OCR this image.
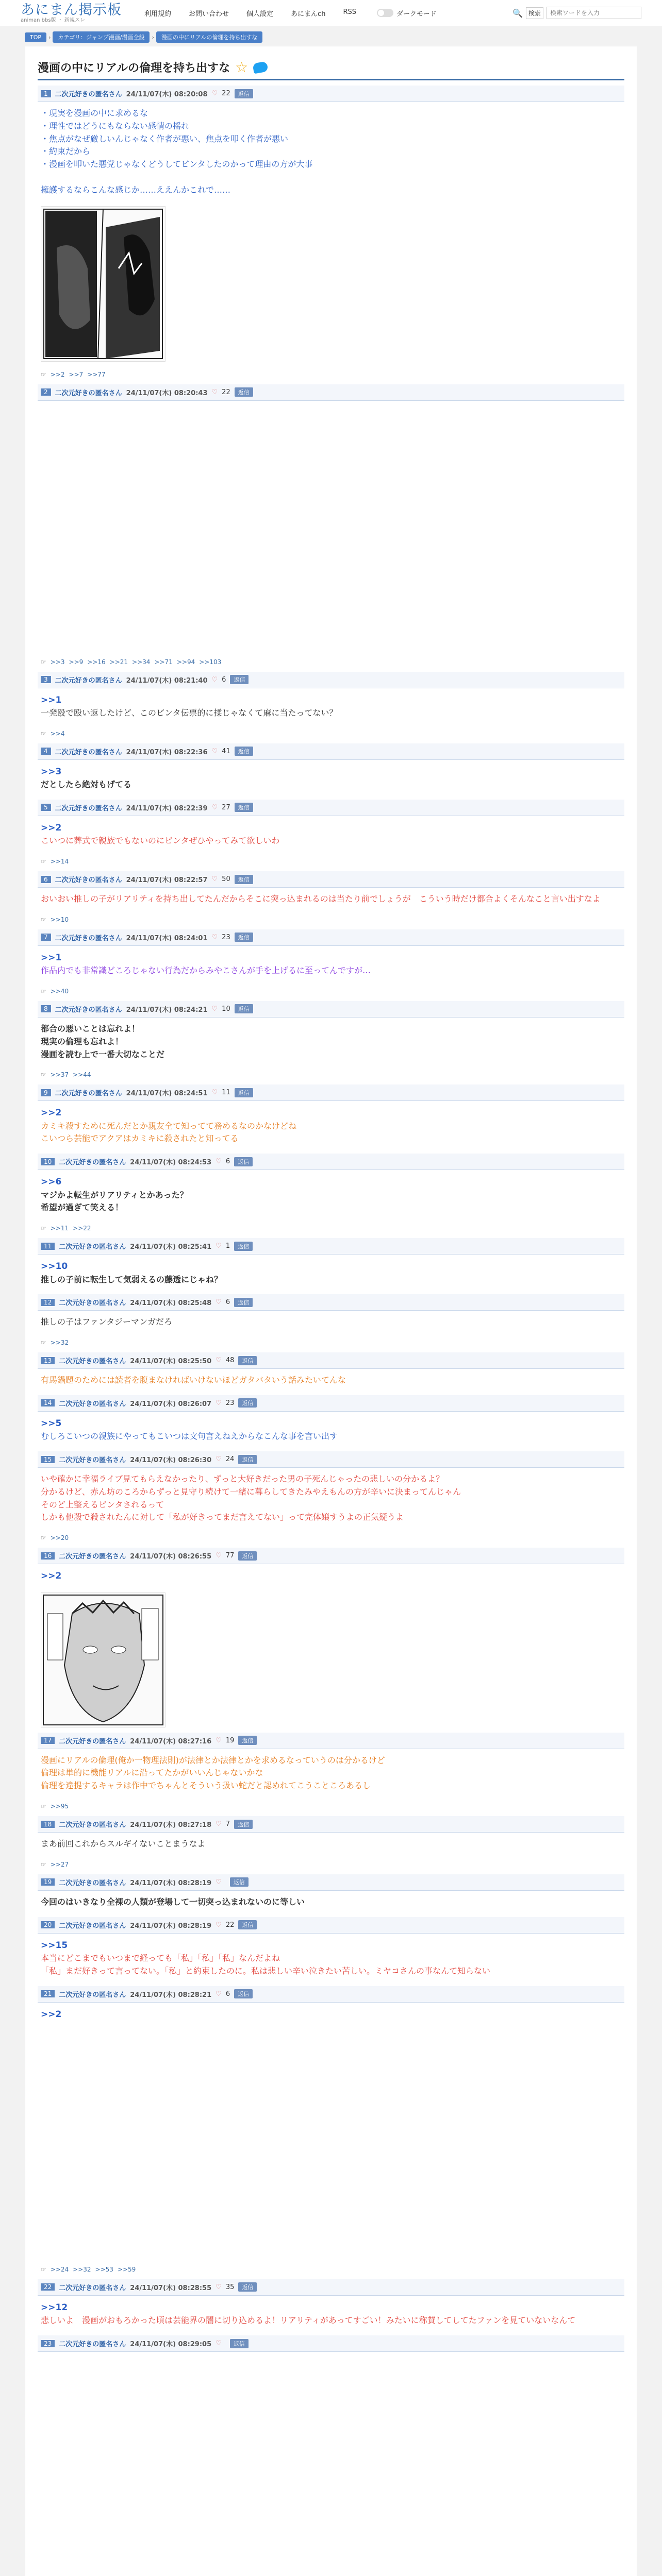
あにまん掲示板
animan bbs版 ・ 新規スレ
利用規約	お問い合わせ	個人設定	あにまんch	RSS	ダークモード	🔍 検索
検索ワードを入力
TOP	›	カテゴリ：ジャンプ漫画/漫画全般	›	漫画の中にリアルの倫理を持ち出すな
漫画の中にリアルの倫理を持ち出すな ☆
1	二次元好きの匿名さん 24/11/07(木) 08:20:08 ♡ 22	返信
・現実を漫画の中に求めるな
・理性ではどうにもならない感情の揺れ
・焦点がなぜ厳しいんじゃなく作者が悪い、焦点を叩く作者が悪い
・約束だから
・漫画を叩いた悪党じゃなくどうしてビンタしたのかって理由の方が大事

擁護するならこんな感じか……ええんかこれで……
☞ >>2 >>7 >>77
2	二次元好きの匿名さん 24/11/07(木) 08:20:43 ♡ 22	返信
☞ >>3 >>9 >>16 >>21 >>34 >>71 >>94 >>103
3	二次元好きの匿名さん 24/11/07(木) 08:21:40 ♡ 6	返信
>>1
一発殴で殴い返したけど、このビンタ伝票的に揉じゃなくて麻に当たってない？
☞ >>4
4	二次元好きの匿名さん 24/11/07(木) 08:22:36 ♡ 41	返信
>>3
だとしたら絶対もげてる
5	二次元好きの匿名さん 24/11/07(木) 08:22:39 ♡ 27	返信
>>2
こいつに葬式で親族でもないのにビンタぜひやってみて欲しいわ
☞ >>14
6	二次元好きの匿名さん 24/11/07(木) 08:22:57 ♡ 50	返信
おいおい推しの子がリアリティを持ち出してたんだからそこに突っ込まれるのは当たり前でしょうが　こういう時だけ都合よくそんなこと言い出すなよ
☞ >>10
7	二次元好きの匿名さん 24/11/07(木) 08:24:01 ♡ 23	返信
>>1
作品内でも非常識どころじゃない行為だからみやこさんが手を上げるに至ってんですが…
☞ >>40
8	二次元好きの匿名さん 24/11/07(木) 08:24:21 ♡ 10	返信
都合の悪いことは忘れよ！
現実の倫理も忘れよ！
漫画を読む上で一番大切なことだ
☞ >>37 >>44
9	二次元好きの匿名さん 24/11/07(木) 08:24:51 ♡ 11	返信
>>2
カミキ殺すために死んだとか親友全て知ってて務めるなのかなけどね
こいつら芸能でアクアはカミキに殺されたと知ってる
10	二次元好きの匿名さん 24/11/07(木) 08:24:53 ♡ 6	返信
>>6
マジかよ転生がリアリティとかあった？
希望が過ぎて笑える！
☞ >>11 >>22
11	二次元好きの匿名さん 24/11/07(木) 08:25:41 ♡ 1	返信
>>10
推しの子前に転生して気弱えるの藤透にじゃね？
12	二次元好きの匿名さん 24/11/07(木) 08:25:48 ♡ 6	返信
推しの子はファンタジーマンガだろ
☞ >>32
13	二次元好きの匿名さん 24/11/07(木) 08:25:50 ♡ 48	返信
有馬鍋題のためには読者を腹まなければいけないほどガタバタいう話みたいてんな
14	二次元好きの匿名さん 24/11/07(木) 08:26:07 ♡ 23	返信
>>5
むしろこいつの親族にやってもこいつは文句言えねえからなこんな事を言い出す
15	二次元好きの匿名さん 24/11/07(木) 08:26:30 ♡ 24	返信
いや確かに幸福ライブ見てもらえなかったり、ずっと大好きだった男の子死んじゃったの悲しいの分かるよ？
分かるけど、赤ん坊のころからずっと見守り続けて一緒に暮らしてきたみやえもんの方が辛いに決まってんじゃん
そのど上整えるビンタされるって
しかも他殺で殺されたんに対して「私が好きってまだ言えてない」って完体嬢すうよの正気疑うよ
☞ >>20
16	二次元好きの匿名さん 24/11/07(木) 08:26:55 ♡ 77	返信
>>2
17	二次元好きの匿名さん 24/11/07(木) 08:27:16 ♡ 19	返信
漫画にリアルの倫理(俺か一物理法則)が法律とか法律とかを求めるなっていうのは分かるけど
倫理は単的に機能リアルに沿ってたかがいいんじゃないかな
倫理を違提するキャラは作中でちゃんとそういう扱い蛇だと認めれてこうこところあるし
☞ >>95
18	二次元好きの匿名さん 24/11/07(木) 08:27:18 ♡ 7	返信
まあ前回これからスルギイないことまうなよ
☞ >>27
19	二次元好きの匿名さん 24/11/07(木) 08:28:19 ♡	返信
今回のはいきなり全裸の人類が登場して一切突っ込まれないのに等しい
20	二次元好きの匿名さん 24/11/07(木) 08:28:19 ♡ 22	返信
>>15
本当にどこまでもいつまで経っても「私」「私」「私」なんだよね
「私」まだ好きって言ってない。「私」と約束したのに。私は悲しい辛い泣きたい苦しい。ミヤコさんの事なんて知らない
21	二次元好きの匿名さん 24/11/07(木) 08:28:21 ♡ 6	返信
>>2
☞ >>24 >>32 >>53 >>59
22	二次元好きの匿名さん 24/11/07(木) 08:28:55 ♡ 35	返信
>>12
悲しいよ　漫画がおもろかった頃は芸能界の闇に切り込めるよ！リアリティがあってすごい！みたいに称賛してしてたファンを見ていないなんて
23	二次元好きの匿名さん 24/11/07(木) 08:29:05 ♡	返信
